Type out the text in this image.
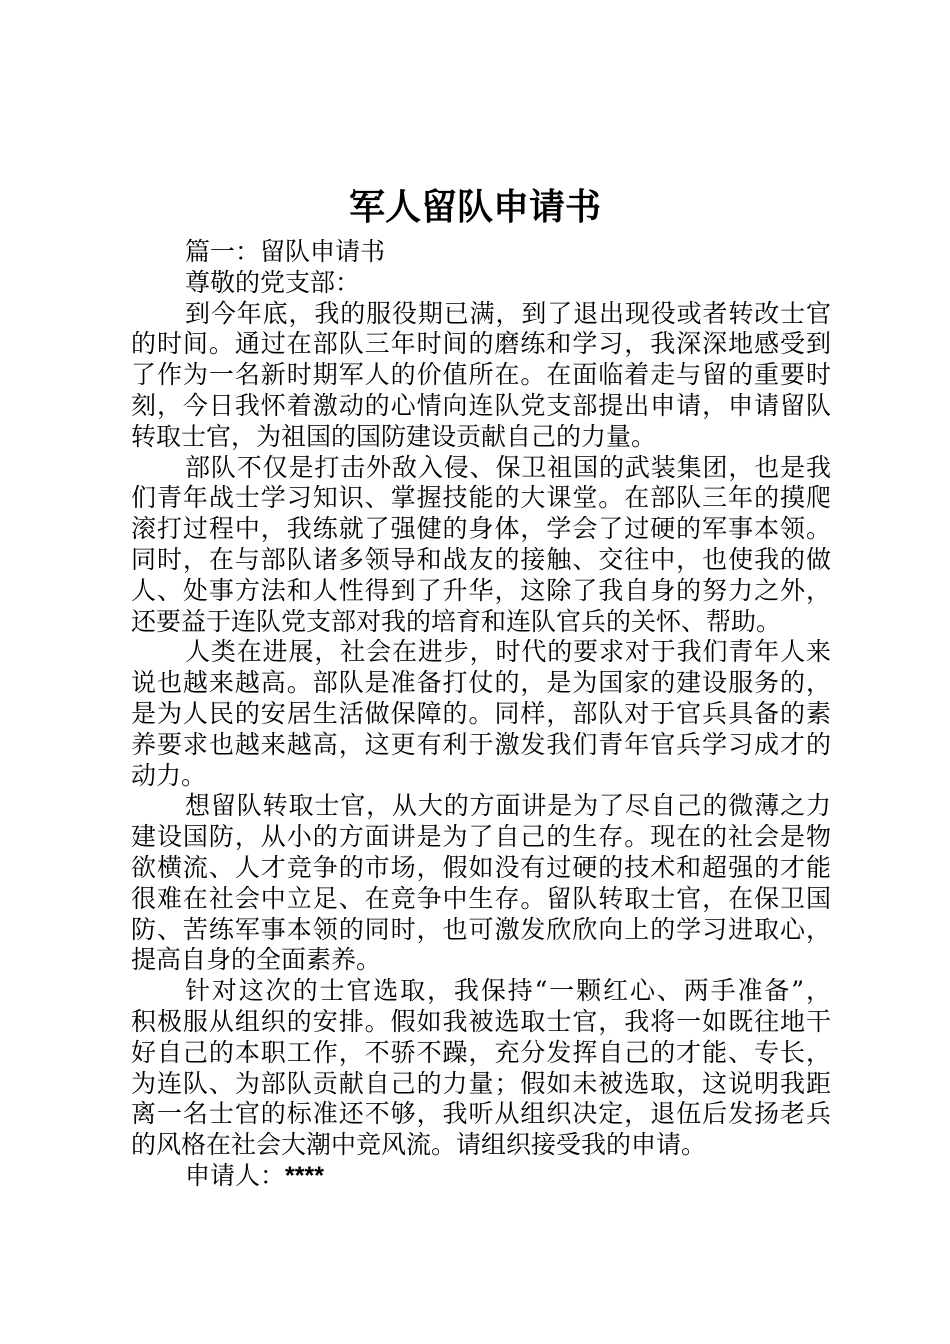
军人留队申请书
篇一：留队申请书
尊敬的党支部：
到今年底，我的服役期已满，到了退出现役或者转改士官
的时间。通过在部队三年时间的磨练和学习，我深深地感受到
了作为一名新时期军人的价值所在。在面临着走与留的重要时
刻，今日我怀着激动的心情向连队党支部提出申请，申请留队
转取士官，为祖国的国防建设贡献自己的力量。
部队不仅是打击外敌入侵、保卫祖国的武装集团，也是我
们青年战士学习知识、掌握技能的大课堂。在部队三年的摸爬
滚打过程中，我练就了强健的身体，学会了过硬的军事本领。
同时，在与部队诸多领导和战友的接触、交往中，也使我的做
人、处事方法和人性得到了升华，这除了我自身的努力之外，
还要益于连队党支部对我的培育和连队官兵的关怀、帮助。
人类在进展，社会在进步，时代的要求对于我们青年人来
说也越来越高。部队是准备打仗的，是为国家的建设服务的，
是为人民的安居生活做保障的。同样，部队对于官兵具备的素
养要求也越来越高，这更有利于激发我们青年官兵学习成才的
动力。
想留队转取士官，从大的方面讲是为了尽自己的微薄之力
建设国防，从小的方面讲是为了自己的生存。现在的社会是物
欲横流、人才竞争的市场，假如没有过硬的技术和超强的才能
很难在社会中立足、在竞争中生存。留队转取士官，在保卫国
防、苦练军事本领的同时，也可激发欣欣向上的学习进取心，
提高自身的全面素养。
针对这次的士官选取，我保持“一颗红心、两手准备”，
积极服从组织的安排。假如我被选取士官，我将一如既往地干
好自己的本职工作，不骄不躁，充分发挥自己的才能、专长，
为连队、为部队贡献自己的力量；假如未被选取，这说明我距
离一名士官的标准还不够，我听从组织决定，退伍后发扬老兵
的风格在社会大潮中竞风流。请组织接受我的申请。
申请人：****
